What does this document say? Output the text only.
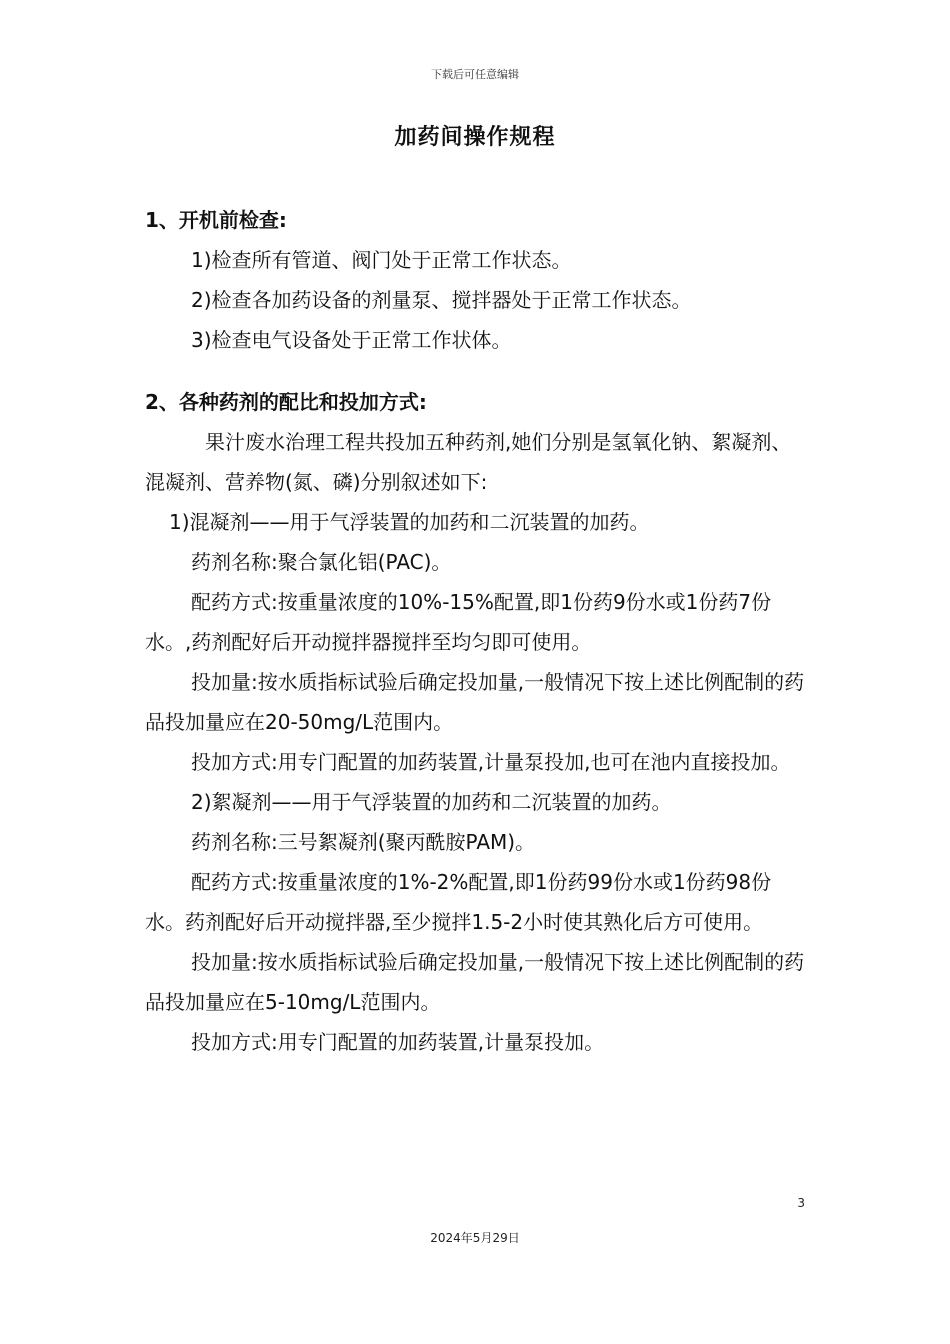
下载后可任意编辑
加药间操作规程

1、开机前检查:

1)检查所有管道、阀门处于正常工作状态。

2)检查各加药设备的剂量泵、搅拌器处于正常工作状态。

3)检查电气设备处于正常工作状体。

2、各种药剂的配比和投加方式:

果汁废水治理工程共投加五种药剂,她们分别是氢氧化钠、絮凝剂、混凝剂、营养物(氮、磷)分别叙述如下:

1)混凝剂——用于气浮装置的加药和二沉装置的加药。

药剂名称:聚合氯化铝(PAC)。

配药方式:按重量浓度的10%-15%配置,即1份药9份水或1份药7份水。,药剂配好后开动搅拌器搅拌至均匀即可使用。

投加量:按水质指标试验后确定投加量,一般情况下按上述比例配制的药品投加量应在20-50mg/L范围内。

投加方式:用专门配置的加药装置,计量泵投加,也可在池内直接投加。

2)絮凝剂——用于气浮装置的加药和二沉装置的加药。

药剂名称:三号絮凝剂(聚丙酰胺PAM)。

配药方式:按重量浓度的1%-2%配置,即1份药99份水或1份药98份水。药剂配好后开动搅拌器,至少搅拌1.5-2小时使其熟化后方可使用。

投加量:按水质指标试验后确定投加量,一般情况下按上述比例配制的药品投加量应在5-10mg/L范围内。

投加方式:用专门配置的加药装置,计量泵投加。

3
2024年5月29日
